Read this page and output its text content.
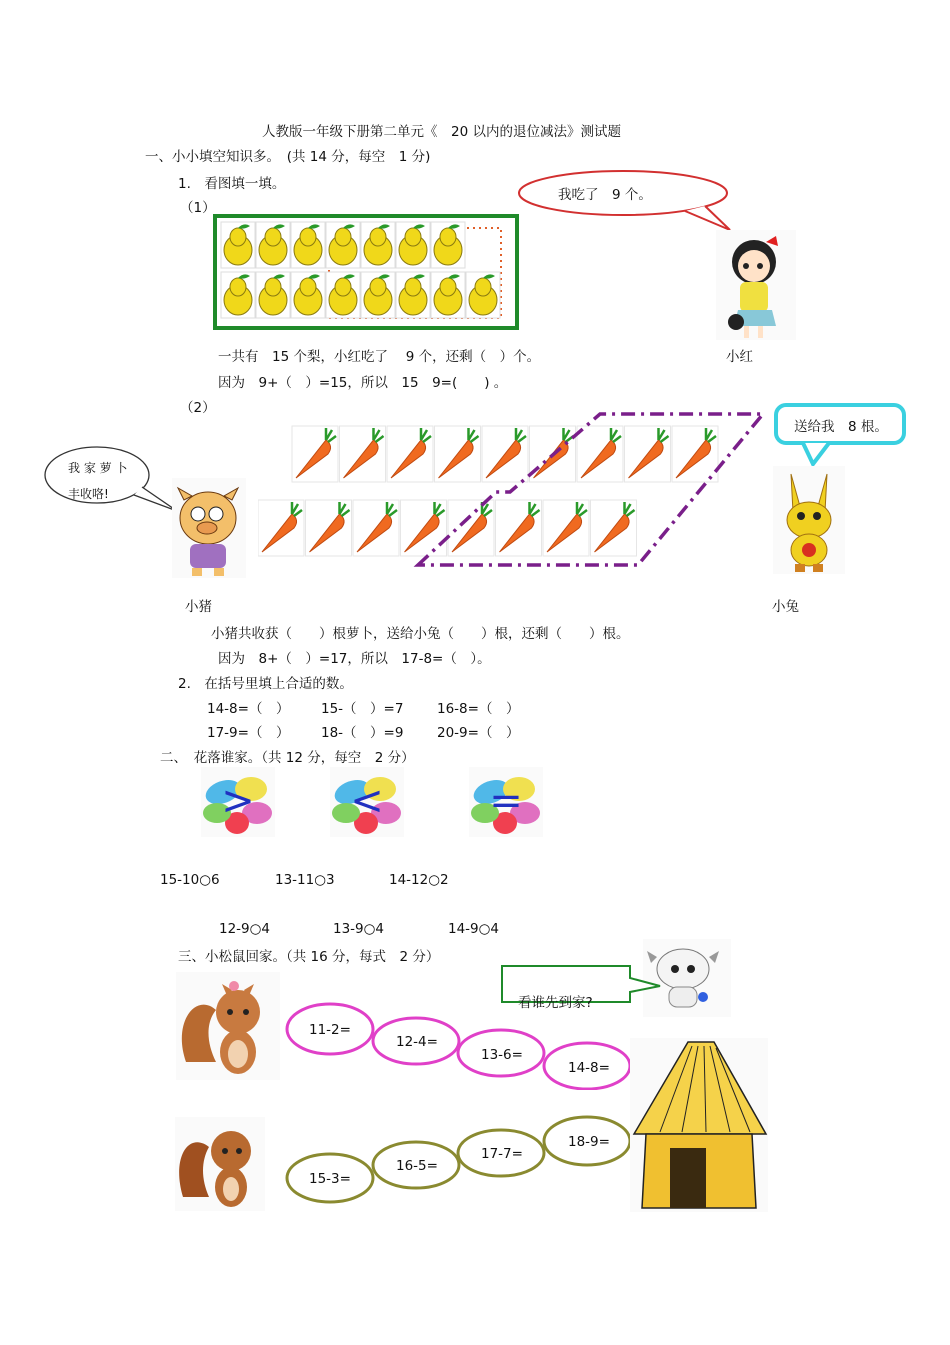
人教版一年级下册第二单元《　20 以内的退位减法》测试题
一、小小填空知识多。　(共 14 分，每空　1 分)
1.　看图填一填。
（1）
我吃了　9 个。
一共有　15 个梨，小红吃了　 9 个，还剩（　）个。	小红
因为　9+（　）=15，所以　15　9=(　　) 。
（2）
我 家 萝 卜
丰收咯!
送给我　8 根。
小猪	小兔
小猪共收获（　　）根萝卜，送给小兔（　　）根，还剩（　　）根。
因为　8+（　）=17，所以　17-8=（　）。
2.　在括号里填上合适的数。
14-8=（　） 15-（　）=7 16-8=（　）
17-9=（　） 18-（　）=9 20-9=（　）
二、　花落谁家。（共 12 分，每空　2 分）
> <	=
15-10○6	13-11○3	14-12○2
12-9○4	13-9○4	14-9○4
三、小松鼠回家。（共 16 分，每式　2 分）
看谁先到家?
11-2=
12-4=
13-6=
14-8=
15-3=
16-5=
17-7=
18-9=
